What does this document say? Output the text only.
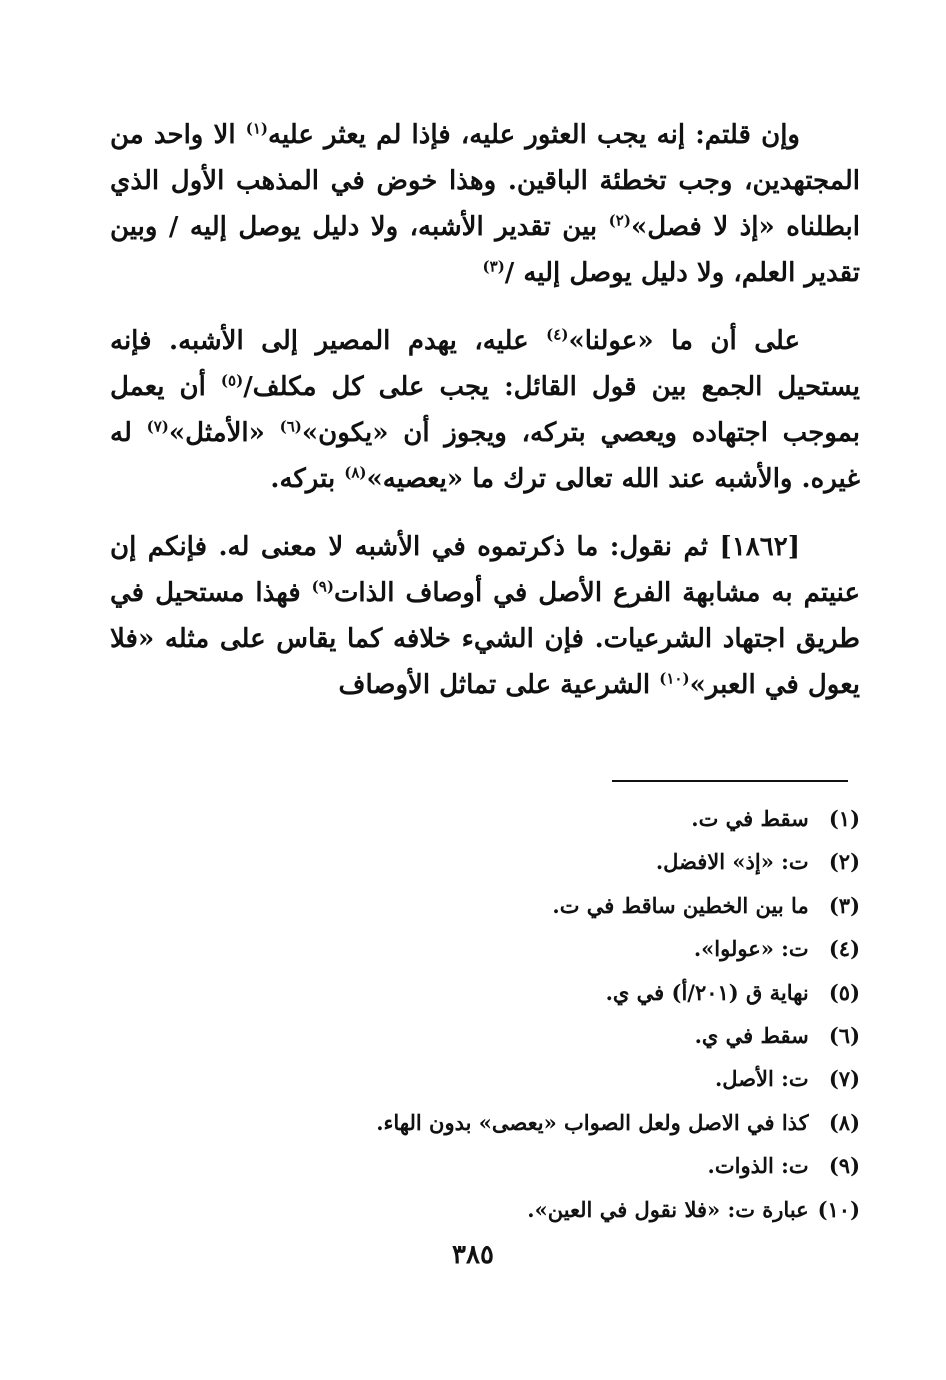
وإن قلتم: إنه يجب العثور عليه، فإذا لم يعثر عليه$^{(١)}$ الا واحد من المجتهدين، وجب تخطئة الباقين. وهذا خوض في المذهب الأول الذي ابطلناه «إذ لا فصل»$^{(٢)}$ بين تقدير الأشبه، ولا دليل يوصل إليه / وبين تقدير العلم، ولا دليل يوصل إليه /$^{(٣)}$

على أن ما «عولنا»$^{(٤)}$ عليه، يهدم المصير إلى الأشبه. فإنه يستحيل الجمع بين قول القائل: يجب على كل مكلف/$^{(٥)}$ أن يعمل بموجب اجتهاده ويعصي بتركه، ويجوز أن «يكون»$^{(٦)}$ «الأمثل»$^{(٧)}$ له غيره. والأشبه عند الله تعالى ترك ما «يعصيه»$^{(٨)}$ بتركه.

[١٨٦٢] ثم نقول: ما ذكرتموه في الأشبه لا معنى له. فإنكم إن عنيتم به مشابهة الفرع الأصل في أوصاف الذات$^{(٩)}$ فهذا مستحيل في طريق اجتهاد الشرعيات. فإن الشيء خلافه كما يقاس على مثله «فلا يعول في العبر»$^{(١٠)}$ الشرعية على تماثل الأوصاف

(١) سقط في ت.
(٢) ت: «إذ» الافضل.
(٣) ما بين الخطين ساقط في ت.
(٤) ت: «عولوا».
(٥) نهاية ق (٢٠١/أ) في ي.
(٦) سقط في ي.
(٧) ت: الأصل.
(٨) كذا في الاصل ولعل الصواب «يعصى» بدون الهاء.
(٩) ت: الذوات.
(١٠) عبارة ت: «فلا نقول في العين».
٣٨٥
